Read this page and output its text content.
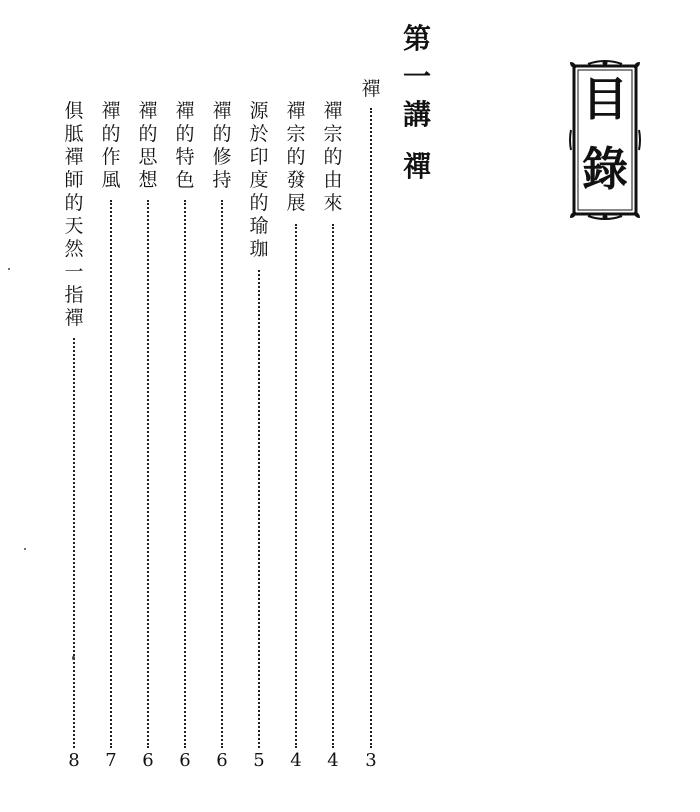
目
錄
第
一
講
禪
禪
3
禪
宗
的
由
來
4
禪
宗
的
發
展
4
源
於
印
度
的
瑜
珈
5
禪
的
修
持
6
禪
的
特
色
6
禪
的
思
想
6
禪
的
作
風
7
俱
胝
禪
師
的
天
然
一
指
禪
8
